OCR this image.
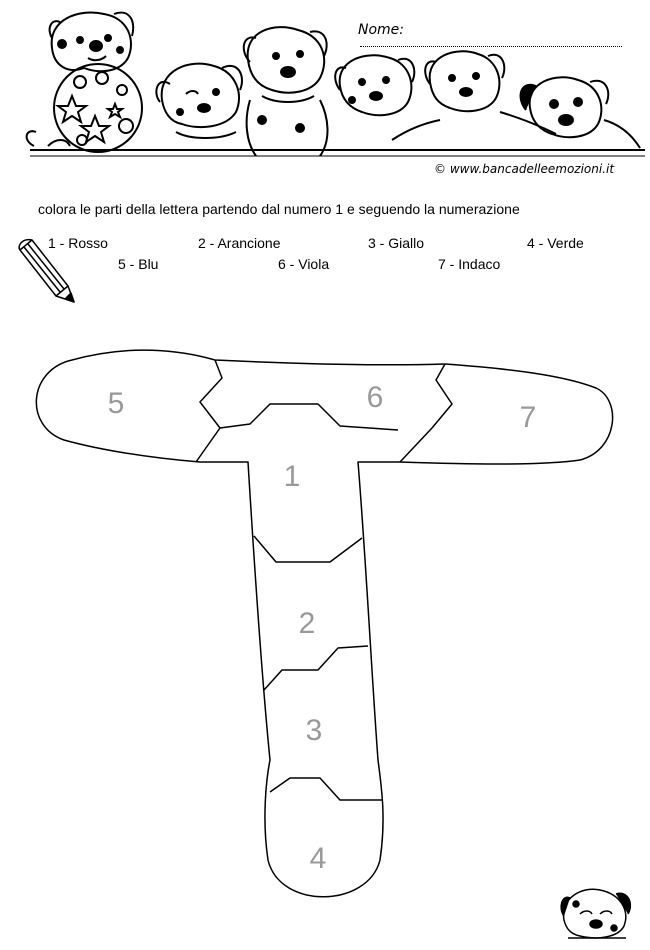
Nome:
© www.bancadelleemozioni.it
colora le parti della lettera partendo dal numero 1 e seguendo la numerazione
1 - Rosso	2 - Arancione	3 - Giallo	4 - Verde
5 - Blu	6 - Viola	7 - Indaco
5	6
7
1
2
3
4
